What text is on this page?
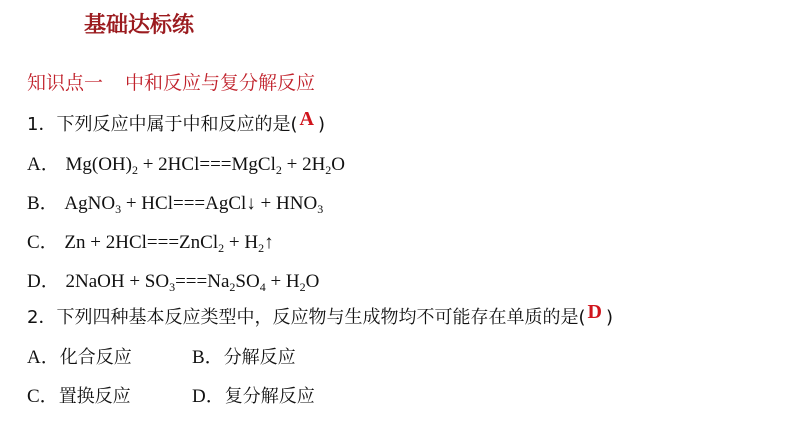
基础达标练
知识点一 中和反应与复分解反应
1．下列反应中属于中和反应的是( A )
A． $Mg(OH)_2$ + 2HCl===MgCl$_2$ + $2H_2O$
B． AgNO$_3$ + HCl===AgCl↓ + $HNO_3$
C． Zn + 2HCl===ZnCl$_2$ + $H_2↑$
D． 2NaOH + $SO_3===Na_2SO_4 + H_2O$
2．下列四种基本反应类型中，反应物与生成物均不可能存在单质的是( D )
A．化合反应	B．分解反应
C．置换反应	D．复分解反应
